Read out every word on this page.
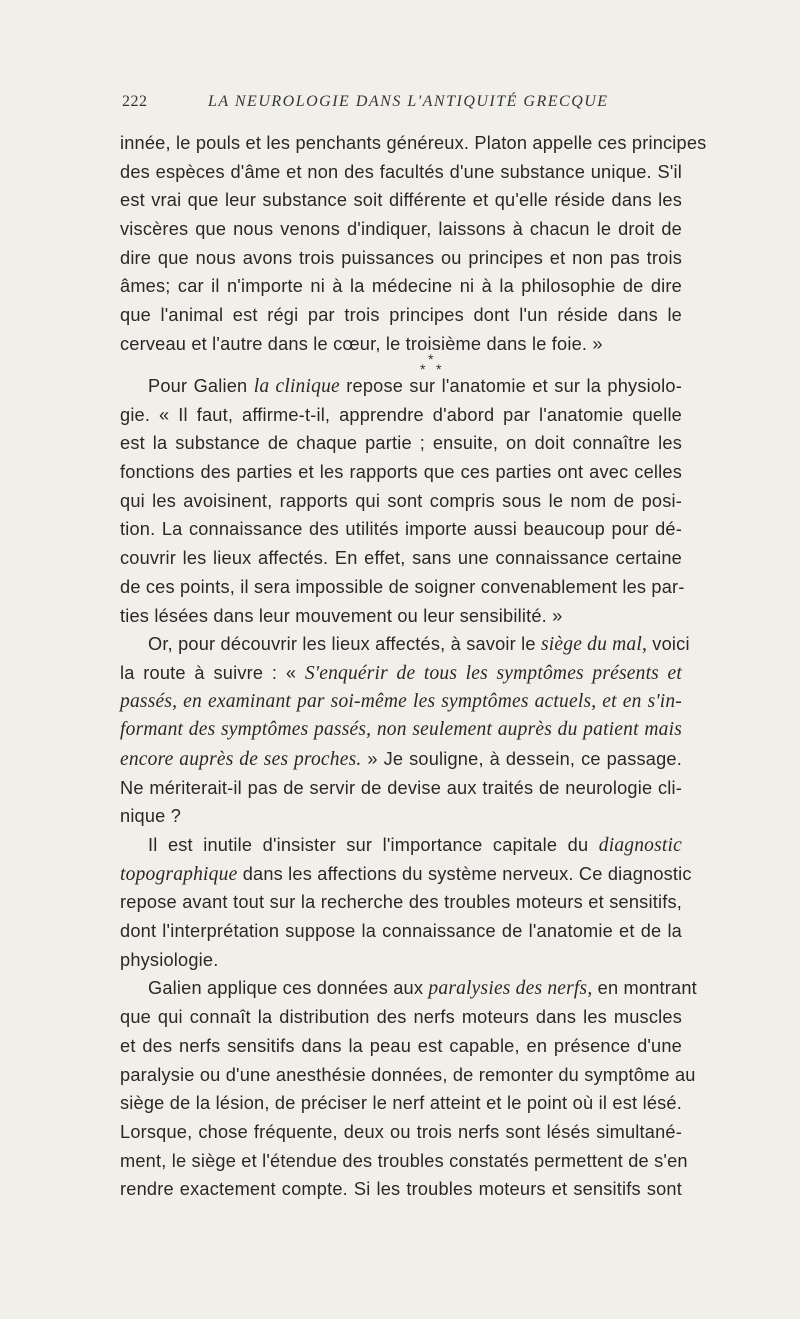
222	LA NEUROLOGIE DANS L'ANTIQUITÉ GRECQUE
innée, le pouls et les penchants généreux. Platon appelle ces principes
des espèces d'âme et non des facultés d'une substance unique. S'il
est vrai que leur substance soit différente et qu'elle réside dans les
viscères que nous venons d'indiquer, laissons à chacun le droit de
dire que nous avons trois puissances ou principes et non pas trois
âmes; car il n'importe ni à la médecine ni à la philosophie de dire
que l'animal est régi par trois principes dont l'un réside dans le
cerveau et l'autre dans le cœur, le troisième dans le foie. »
*
* *
Pour Galien la clinique repose sur l'anatomie et sur la physiolo-
gie. « Il faut, affirme-t-il, apprendre d'abord par l'anatomie quelle
est la substance de chaque partie ; ensuite, on doit connaître les
fonctions des parties et les rapports que ces parties ont avec celles
qui les avoisinent, rapports qui sont compris sous le nom de posi-
tion. La connaissance des utilités importe aussi beaucoup pour dé-
couvrir les lieux affectés. En effet, sans une connaissance certaine
de ces points, il sera impossible de soigner convenablement les par-
ties lésées dans leur mouvement ou leur sensibilité. »
Or, pour découvrir les lieux affectés, à savoir le siège du mal, voici
la route à suivre : « S'enquérir de tous les symptômes présents et
passés, en examinant par soi-même les symptômes actuels, et en s'in-
formant des symptômes passés, non seulement auprès du patient mais
encore auprès de ses proches. » Je souligne, à dessein, ce passage.
Ne mériterait-il pas de servir de devise aux traités de neurologie cli-
nique ?
Il est inutile d'insister sur l'importance capitale du diagnostic
topographique dans les affections du système nerveux. Ce diagnostic
repose avant tout sur la recherche des troubles moteurs et sensitifs,
dont l'interprétation suppose la connaissance de l'anatomie et de la
physiologie.
Galien applique ces données aux paralysies des nerfs, en montrant
que qui connaît la distribution des nerfs moteurs dans les muscles
et des nerfs sensitifs dans la peau est capable, en présence d'une
paralysie ou d'une anesthésie données, de remonter du symptôme au
siège de la lésion, de préciser le nerf atteint et le point où il est lésé.
Lorsque, chose fréquente, deux ou trois nerfs sont lésés simultané-
ment, le siège et l'étendue des troubles constatés permettent de s'en
rendre exactement compte. Si les troubles moteurs et sensitifs sont
